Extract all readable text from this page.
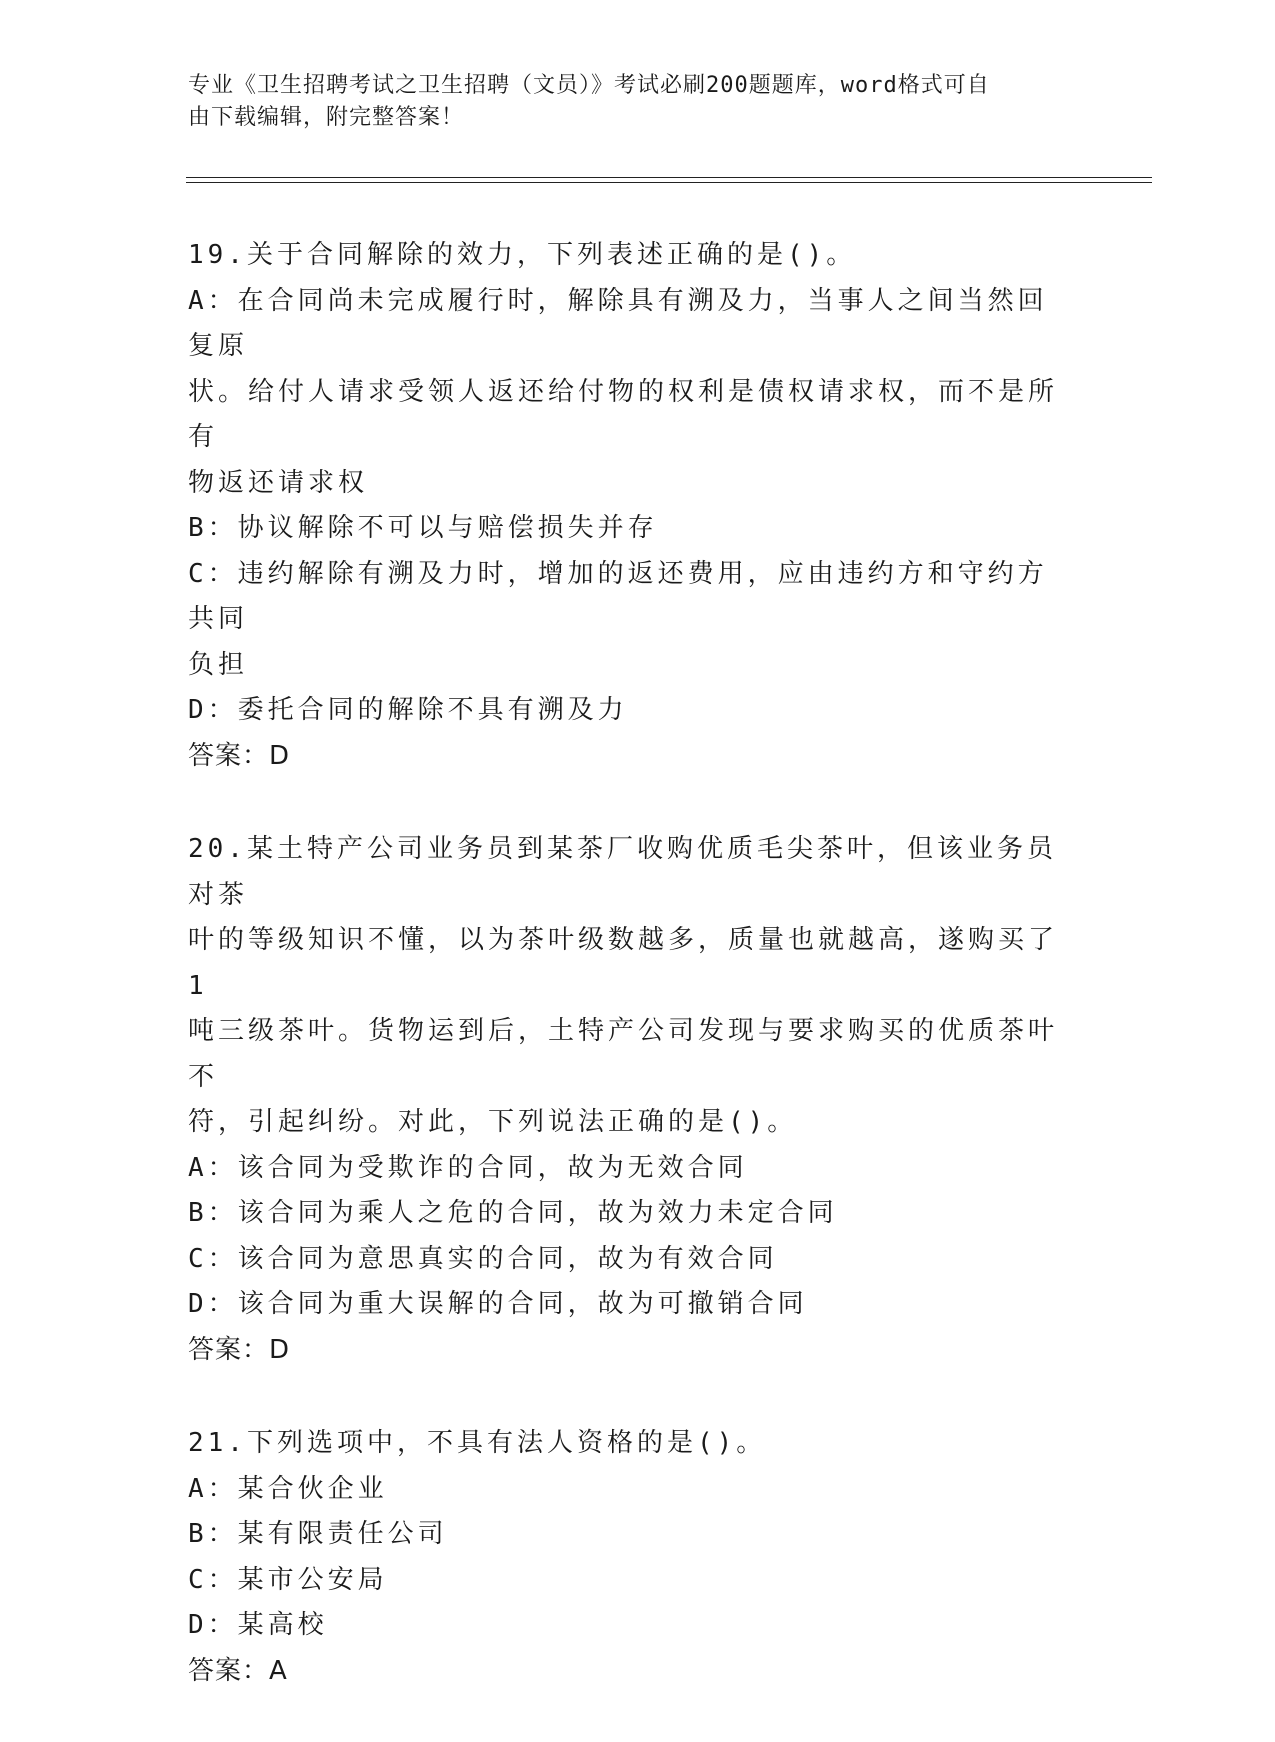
专业《卫生招聘考试之卫生招聘（文员）》考试必刷200题题库，word格式可自
由下载编辑，附完整答案！
19.关于合同解除的效力，下列表述正确的是()。
A：在合同尚未完成履行时，解除具有溯及力，当事人之间当然回复原
状。给付人请求受领人返还给付物的权利是债权请求权，而不是所有
物返还请求权
B：协议解除不可以与赔偿损失并存
C：违约解除有溯及力时，增加的返还费用，应由违约方和守约方共同
负担
D：委托合同的解除不具有溯及力
答案：D
20.某土特产公司业务员到某茶厂收购优质毛尖茶叶，但该业务员对茶
叶的等级知识不懂，以为茶叶级数越多，质量也就越高，遂购买了1
吨三级茶叶。货物运到后，土特产公司发现与要求购买的优质茶叶不
符，引起纠纷。对此，下列说法正确的是()。
A：该合同为受欺诈的合同，故为无效合同
B：该合同为乘人之危的合同，故为效力未定合同
C：该合同为意思真实的合同，故为有效合同
D：该合同为重大误解的合同，故为可撤销合同
答案：D
21.下列选项中，不具有法人资格的是()。
A：某合伙企业
B：某有限责任公司
C：某市公安局
D：某高校
答案：A
